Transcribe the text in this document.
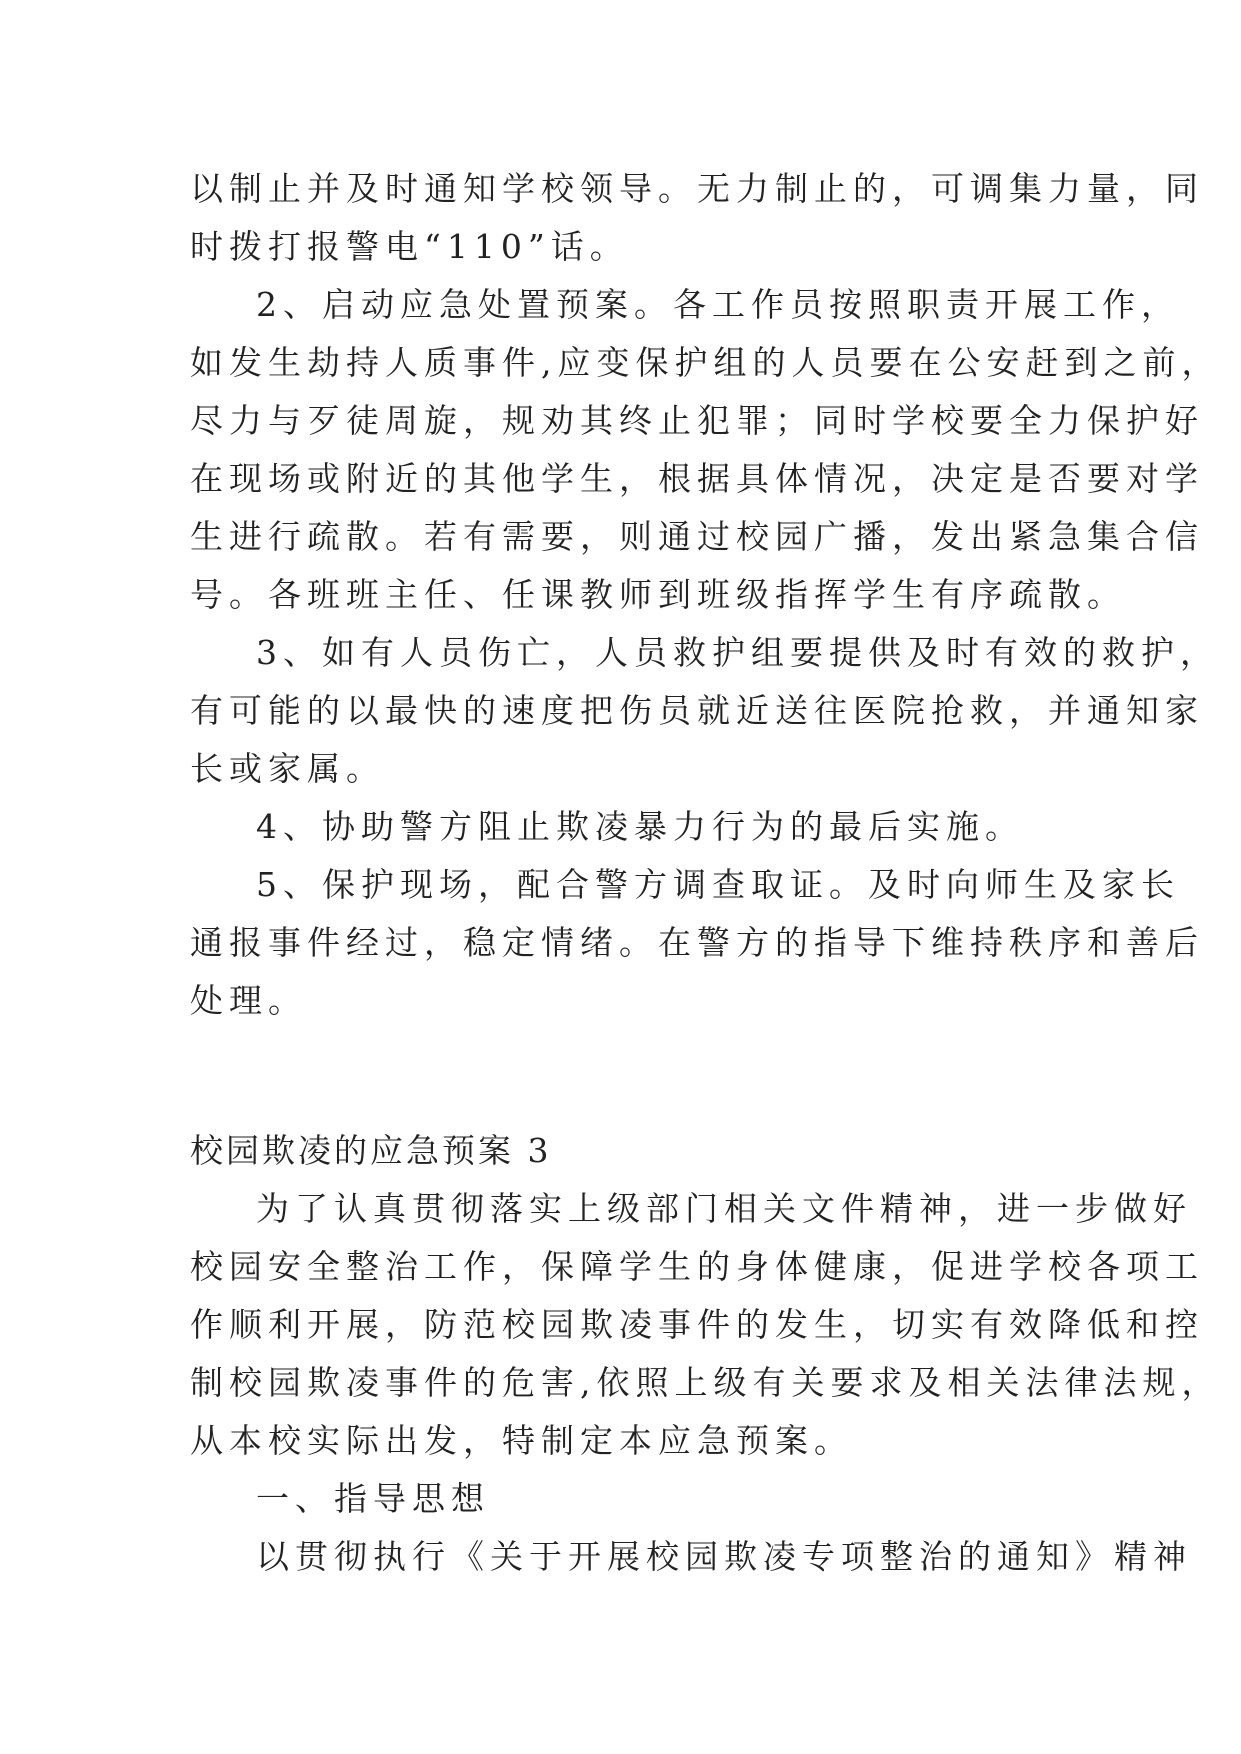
以制止并及时通知学校领导。无力制止的，可调集力量，同
时拨打报警电“110”话。
2、启动应急处置预案。各工作员按照职责开展工作，
如发生劫持人质事件,应变保护组的人员要在公安赶到之前，
尽力与歹徒周旋，规劝其终止犯罪；同时学校要全力保护好
在现场或附近的其他学生，根据具体情况，决定是否要对学
生进行疏散。若有需要，则通过校园广播，发出紧急集合信
号。各班班主任、任课教师到班级指挥学生有序疏散。
3、如有人员伤亡，人员救护组要提供及时有效的救护，
有可能的以最快的速度把伤员就近送往医院抢救，并通知家
长或家属。
4、协助警方阻止欺凌暴力行为的最后实施。
5、保护现场，配合警方调查取证。及时向师生及家长
通报事件经过，稳定情绪。在警方的指导下维持秩序和善后
处理。
校园欺凌的应急预案 3
为了认真贯彻落实上级部门相关文件精神，进一步做好
校园安全整治工作，保障学生的身体健康，促进学校各项工
作顺利开展，防范校园欺凌事件的发生，切实有效降低和控
制校园欺凌事件的危害,依照上级有关要求及相关法律法规，
从本校实际出发，特制定本应急预案。
一、指导思想
以贯彻执行《关于开展校园欺凌专项整治的通知》精神
